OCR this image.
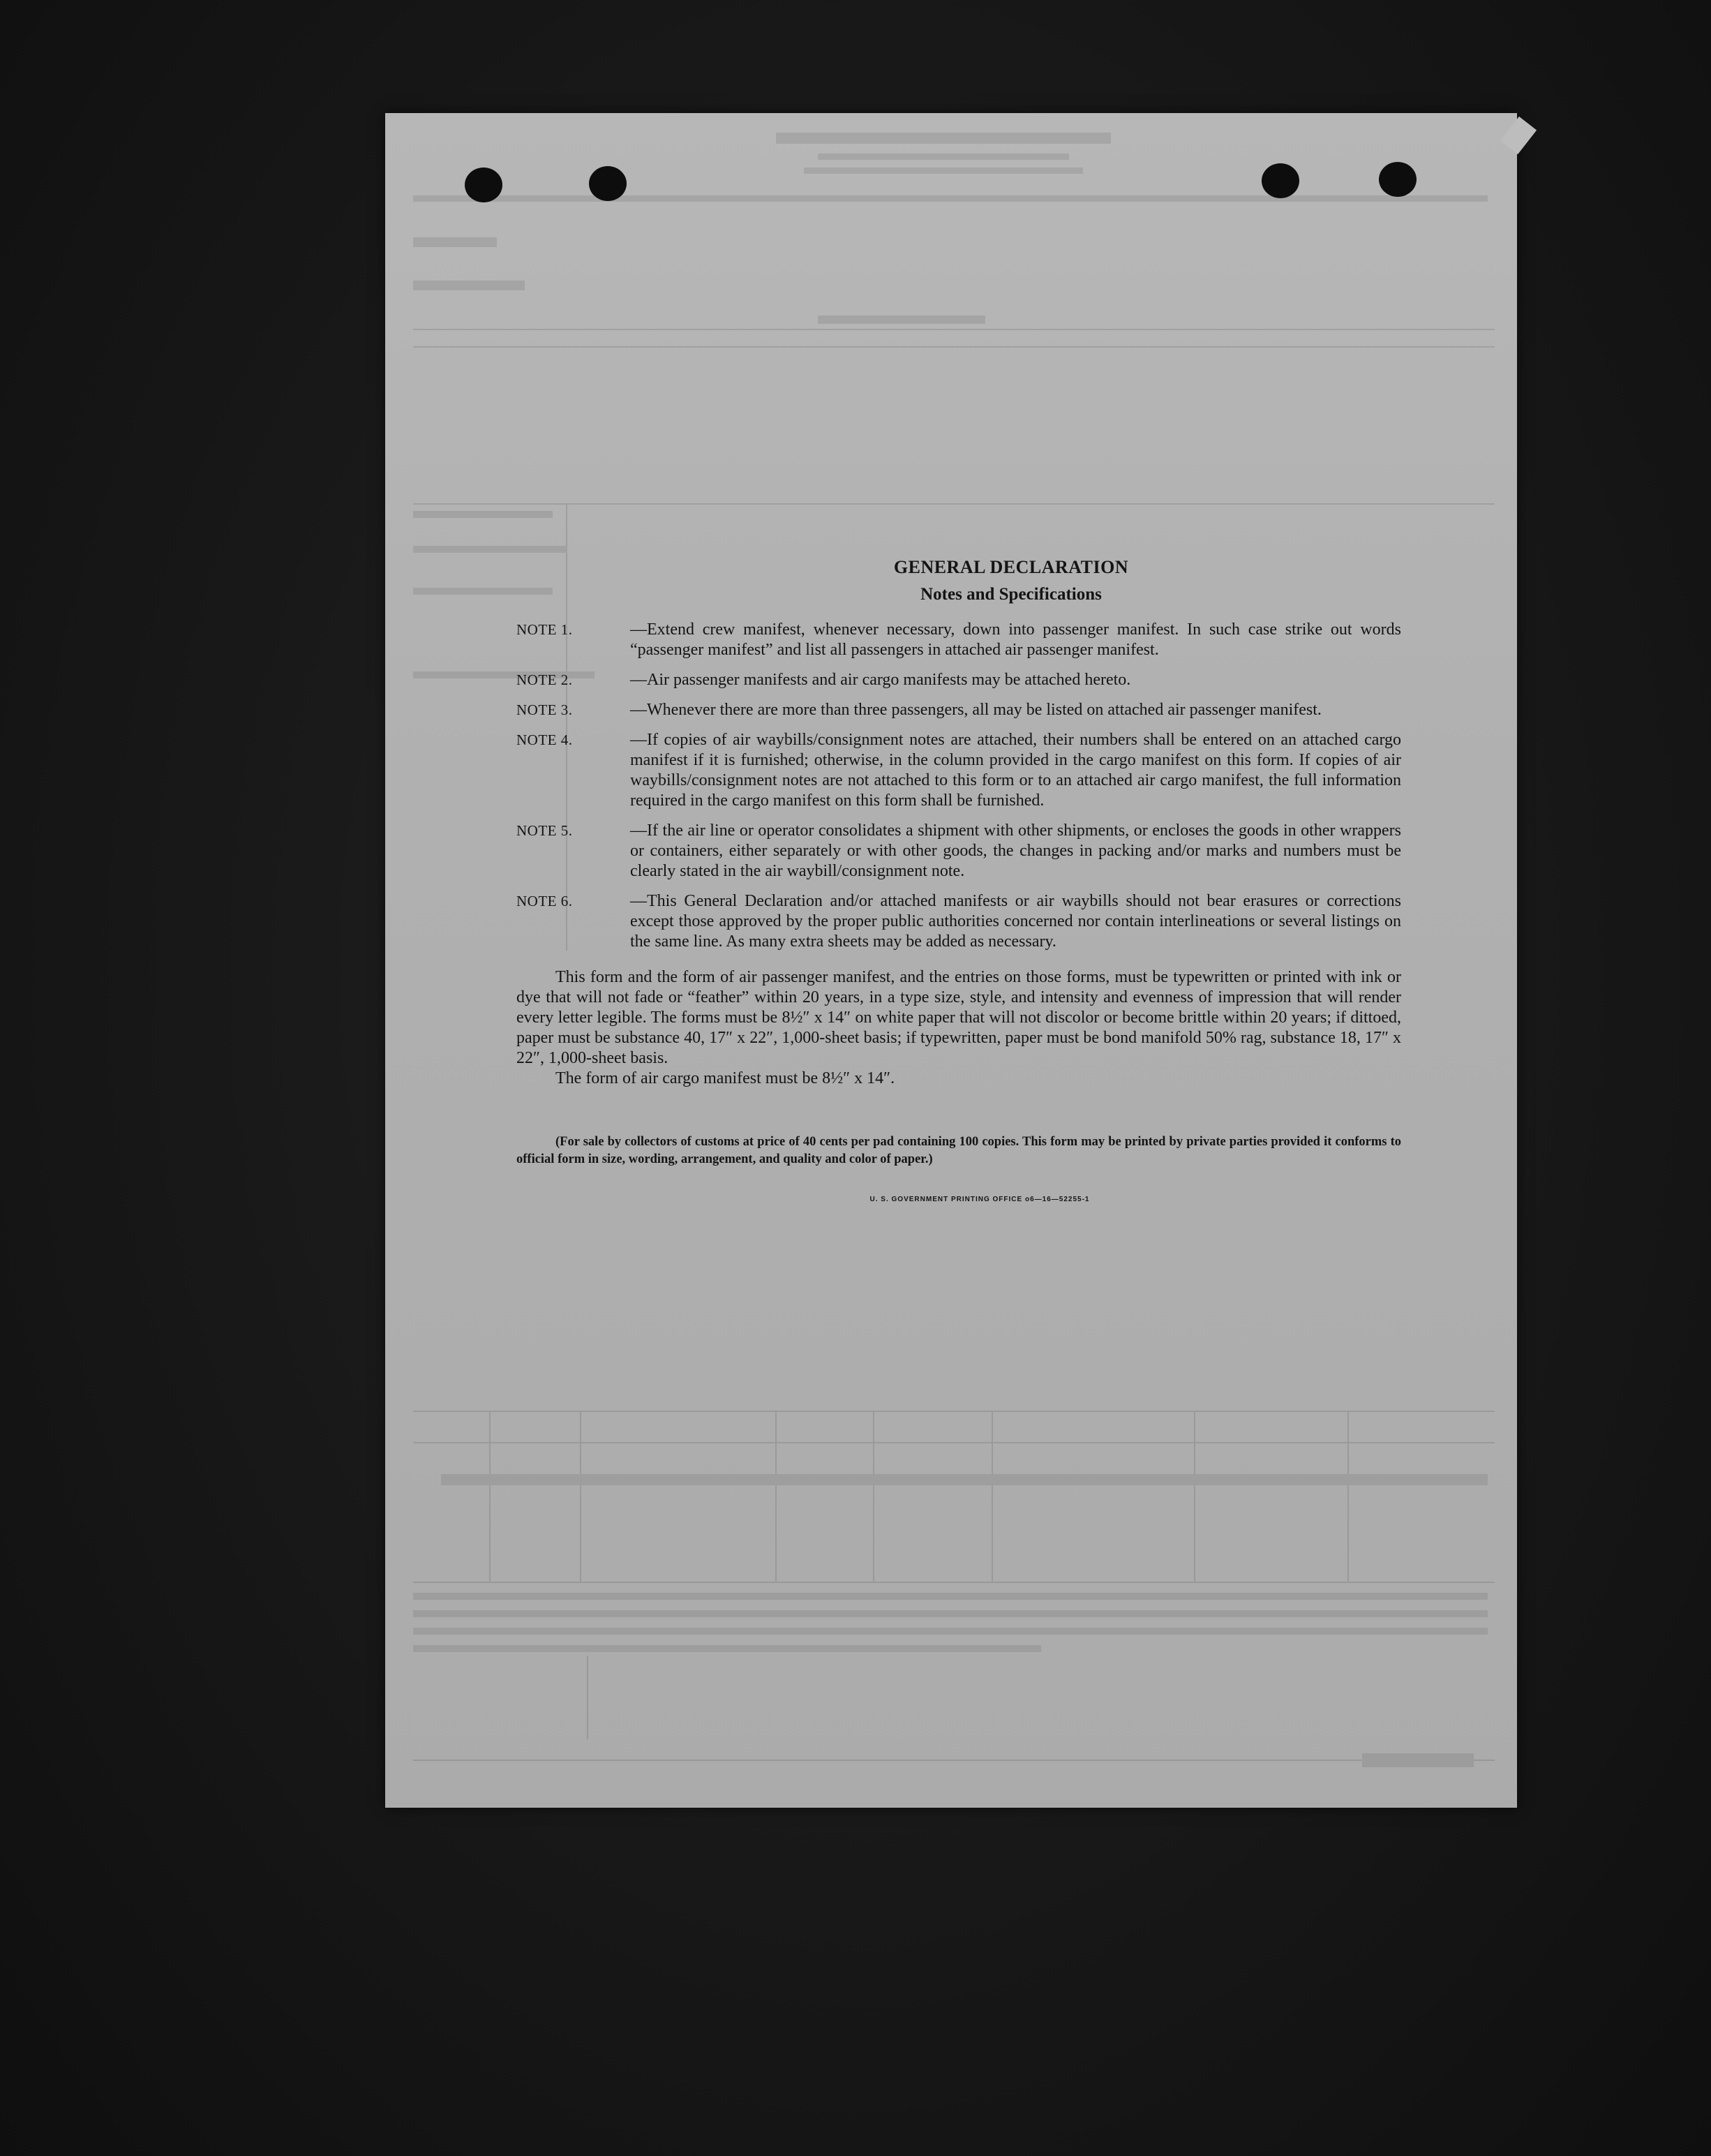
GENERAL DECLARATION
Notes and Specifications
NOTE 1.	—Extend crew manifest, whenever necessary, down into passenger manifest. In such case strike out words “passenger manifest” and list all passengers in attached air passenger manifest.
NOTE 2.	—Air passenger manifests and air cargo manifests may be attached hereto.
NOTE 3.	—Whenever there are more than three passengers, all may be listed on attached air passenger manifest.
NOTE 4.	—If copies of air waybills/consignment notes are attached, their numbers shall be entered on an attached cargo manifest if it is furnished; otherwise, in the column provided in the cargo manifest on this form. If copies of air waybills/consignment notes are not attached to this form or to an attached air cargo manifest, the full information required in the cargo manifest on this form shall be furnished.
NOTE 5.	—If the air line or operator consolidates a shipment with other shipments, or encloses the goods in other wrappers or containers, either separately or with other goods, the changes in packing and/or marks and numbers must be clearly stated in the air waybill/consignment note.
NOTE 6.	—This General Declaration and/or attached manifests or air waybills should not bear erasures or corrections except those approved by the proper public authorities concerned nor contain interlineations or several listings on the same line. As many extra sheets may be added as necessary.

This form and the form of air passenger manifest, and the entries on those forms, must be typewritten or printed with ink or dye that will not fade or “feather” within 20 years, in a type size, style, and intensity and evenness of impression that will render every letter legible. The forms must be 8½″ x 14″ on white paper that will not discolor or become brittle within 20 years; if dittoed, paper must be substance 40, 17″ x 22″, 1,000-sheet basis; if typewritten, paper must be bond manifold 50% rag, substance 18, 17″ x 22″, 1,000-sheet basis.

The form of air cargo manifest must be 8½″ x 14″.

(For sale by collectors of customs at price of 40 cents per pad containing 100 copies. This form may be printed by private parties provided it conforms to official form in size, wording, arrangement, and quality and color of paper.)
U. S. GOVERNMENT PRINTING OFFICE o6—16—52255-1
